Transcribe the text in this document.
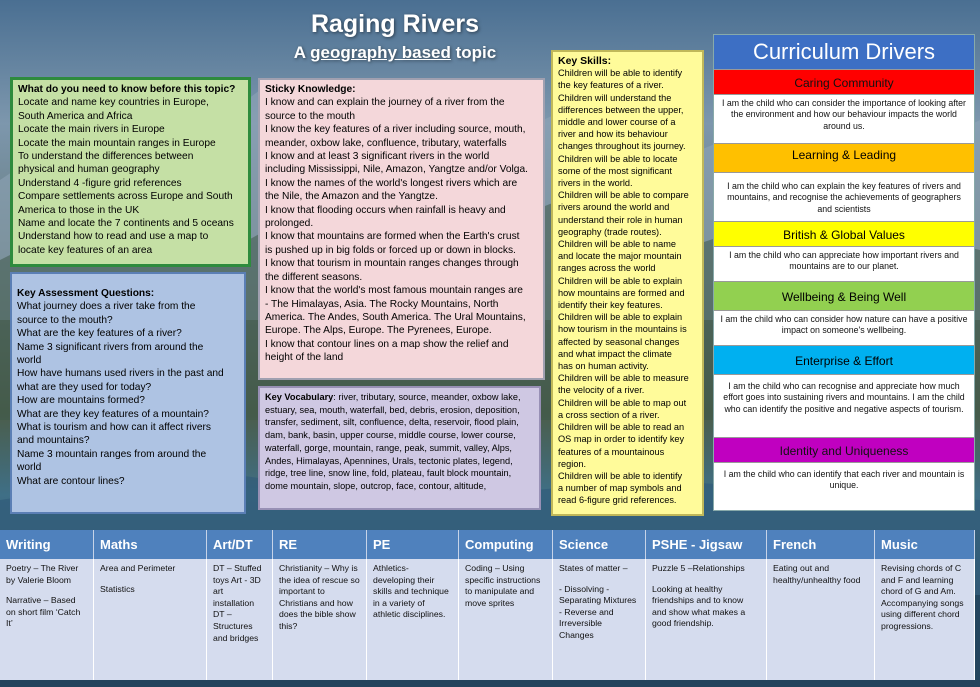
Raging Rivers
A geography based topic
What do you need to know before this topic?
Locate and name key countries in Europe,
South America and Africa
Locate the main rivers in Europe
Locate the main mountain ranges in Europe
To understand the differences between
physical and human geography
Understand 4 -figure grid references
Compare settlements across Europe and South
America to those in the UK
Name and locate the 7 continents and 5 oceans
Understand how to read and use a map to
locate key features of an area
Key Assessment Questions:
What journey does a river take from the
source to the mouth?
What are the key features of a river?
Name 3 significant rivers from around the
world
How have humans used rivers in the past and
what are they used for today?
How are mountains formed?
What are they key features of a mountain?
What is tourism and how can it affect rivers
and mountains?
Name 3 mountain ranges from around the
world
What are contour lines?
Sticky Knowledge:
I know and can explain the journey of a river from the
source to the mouth
I know the key features of a river including source, mouth,
meander, oxbow lake, confluence, tributary, waterfalls
I know and at least 3 significant rivers in the world
including Mississippi, Nile, Amazon, Yangtze and/or Volga.
I know the names of the world's longest rivers which are
the Nile, the Amazon and the Yangtze.
I know that flooding occurs when rainfall is heavy and
prolonged.
I know that mountains are formed when the Earth's crust
is pushed up in big folds or forced up or down in blocks.
I know that tourism in mountain ranges changes through
the different seasons.
I know that the world's most famous mountain ranges are
- The Himalayas, Asia. The Rocky Mountains, North
America. The Andes, South America. The Ural Mountains,
Europe. The Alps, Europe. The Pyrenees, Europe.
I know that contour lines on a map show the relief and
height of the land
Key Vocabulary: river, tributary, source, meander, oxbow lake, estuary, sea, mouth, waterfall, bed, debris, erosion, deposition, transfer, sediment, silt, confluence, delta, reservoir, flood plain, dam, bank, basin, upper course, middle course, lower course, waterfall, gorge, mountain, range, peak, summit, valley, Alps, Andes, Himalayas, Apennines, Urals, tectonic plates, legend, ridge, tree line, snow line, fold, plateau, fault block mountain, dome mountain, slope, outcrop, face, contour, altitude,
Key Skills:
Children will be able to identify
the key features of a river.
Children will understand the
differences between the upper,
middle and lower course of a
river and how its behaviour
changes throughout its journey.
Children will be able to locate
some of the most significant
rivers in the world.
Children will be able to compare
rivers around the world and
understand their role in human
geography (trade routes).
Children will be able to name
and locate the major mountain
ranges across the world
Children will be able to explain
how mountains are formed and
identify their key features.
Children will be able to explain
how tourism in the mountains is
affected by seasonal changes
and what impact the climate
has on human activity.
Children will be able to measure
the velocity of a river.
Children will be able to map out
a cross section of a river.
Children will be able to read an
OS map in order to identify key
features of a mountainous
region.
Children will be able to identify
a number of map symbols and
read 6-figure grid references.
Curriculum Drivers
Caring Community
I am the child who can consider the importance of looking after the environment and how our behaviour impacts the world around us.
Learning & Leading
I am the child who can explain the key features of rivers and mountains, and recognise the achievements of geographers and scientists
British & Global Values
I am the child who can appreciate how important rivers and mountains are to our planet.
Wellbeing & Being Well
I am the child who can consider how nature can have a positive impact on someone's wellbeing.
Enterprise & Effort
I am the child who can recognise and appreciate how much effort goes into sustaining rivers and mountains. I am the child who can identify the positive and negative aspects of tourism.
Identity and Uniqueness
I am the child who can identify that each river and mountain is unique.
Writing
Poetry – The River by Valerie Bloom
Narrative – Based on short film ‘Catch It’
Maths
Area and Perimeter
Statistics
Art/DT
DT – Stuffed toys Art - 3D art installation DT – Structures and bridges
RE
Christianity – Why is the idea of rescue so important to Christians and how does the bible show this?
PE
Athletics- developing their skills and technique in a variety of athletic disciplines.
Computing
Coding – Using specific instructions to manipulate and move sprites
Science
States of matter –
- Dissolving - Separating Mixtures - Reverse and Irreversible Changes
PSHE - Jigsaw
Puzzle 5 –Relationships
Looking at healthy friendships and to know and show what makes a good friendship.
French
Eating out and healthy/unhealthy food
Music
Revising chords of C and F and learning chord of G and Am. Accompanying songs using different chord progressions.
